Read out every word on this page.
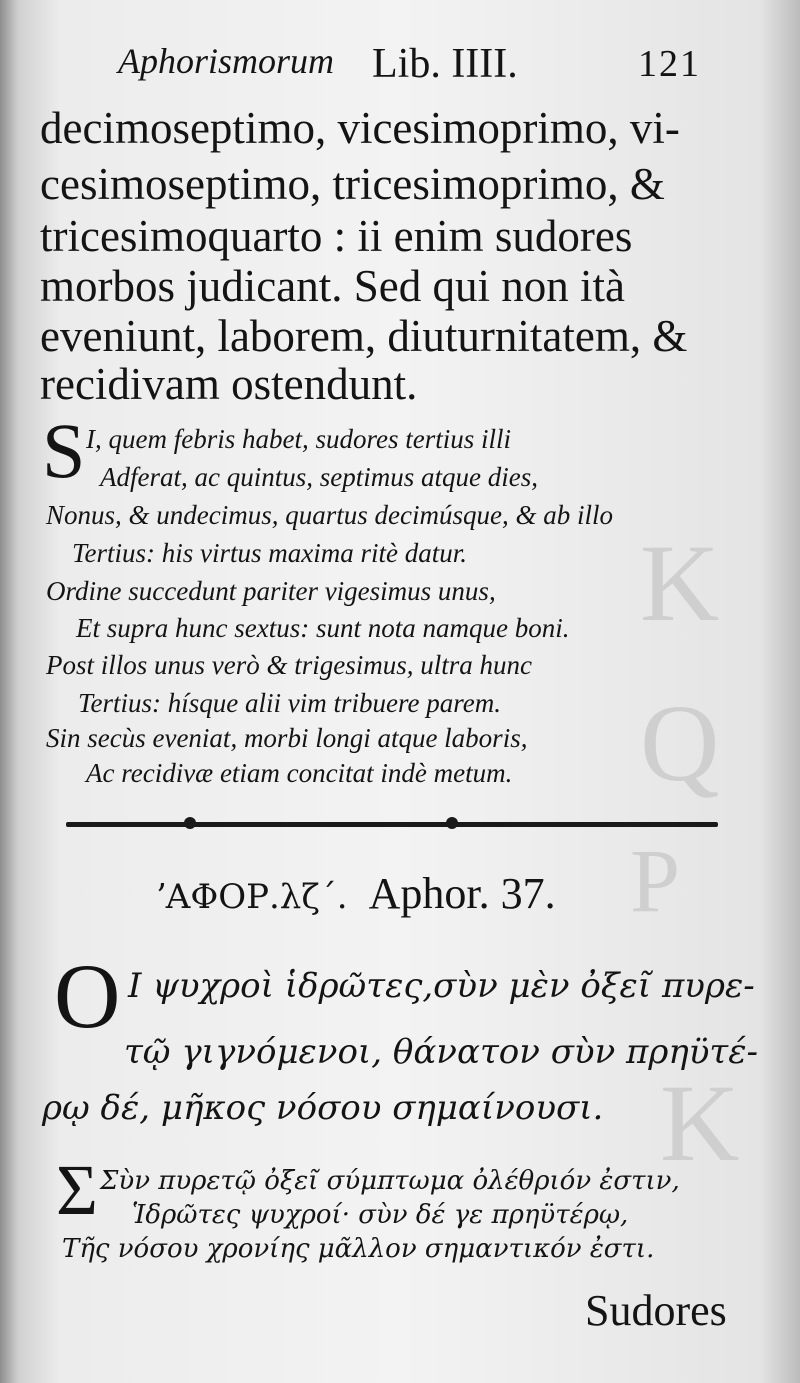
K
Q
P
K
Aphorismorum Lib. IIII.	121
decimoseptimo, vicesimoprimo, vi-
cesimoseptimo, tricesimoprimo, &
tricesimoquarto : ii enim sudores
morbos judicant. Sed qui non ità
eveniunt, laborem, diuturnitatem, &
recidivam ostendunt.
S I, quem febris habet, sudores tertius illi
Adferat, ac quintus, septimus atque dies,
Nonus, & undecimus, quartus decimúsque, & ab illo
Tertius: his virtus maxima ritè datur.
Ordine succedunt pariter vigesimus unus,
Et supra hunc sextus: sunt nota namque boni.
Post illos unus verò & trigesimus, ultra hunc
Tertius: hísque alii vim tribuere parem.
Sin secùs eveniat, morbi longi atque laboris,
Ac recidivæ etiam concitat indè metum.
ʼΑΦΟΡ.λζ΄. Aphor. 37.
O Ι ψυχροὶ ἱδρῶτες,σὺν μὲν ὀξεῖ πυρε-
τῷ γιγνόμενοι, θάνατον σὺν πρηϋτέ-
ρῳ δέ, μῆκος νόσου σημαίνουσι.
Σ Σὺν πυρετῷ ὀξεῖ σύμπτωμα ὀλέθριόν ἐστιν,
Ἱδρῶτες ψυχροί· σὺν δέ γε πρηϋτέρῳ,
Τῆς νόσου χρονίης μᾶλλον σημαντικόν ἐστι.
Sudores
